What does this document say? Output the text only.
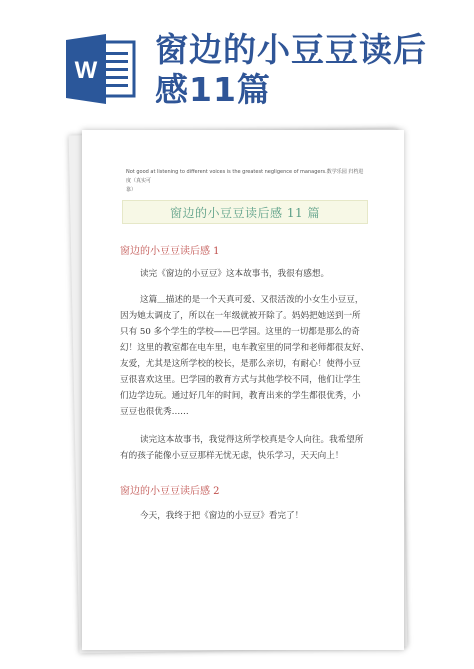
W
窗边的小豆豆读后感11篇
Not good at listening to different voices is the greatest negligence of managers.数学乐园 归档进度（真实可
靠）
窗边的小豆豆读后感 11 篇
窗边的小豆豆读后感 1
读完《窗边的小豆豆》这本故事书，我很有感想。
这篇＿描述的是一个天真可爱、又很活泼的小女生小豆豆，
因为她太调皮了，所以在一年级就被开除了。妈妈把她送到一所
只有 50 多个学生的学校——巴学园。这里的一切都是那么的奇
幻！这里的教室都在电车里，电车教室里的同学和老师都很友好、
友爱，尤其是这所学校的校长，是那么亲切，有耐心！使得小豆
豆很喜欢这里。巴学园的教育方式与其他学校不同，他们让学生
们边学边玩。通过好几年的时间，教育出来的学生都很优秀，小
豆豆也很优秀……
读完这本故事书，我觉得这所学校真是令人向往。我希望所
有的孩子能像小豆豆那样无忧无虑，快乐学习，天天向上！
窗边的小豆豆读后感 2
今天，我终于把《窗边的小豆豆》看完了！
